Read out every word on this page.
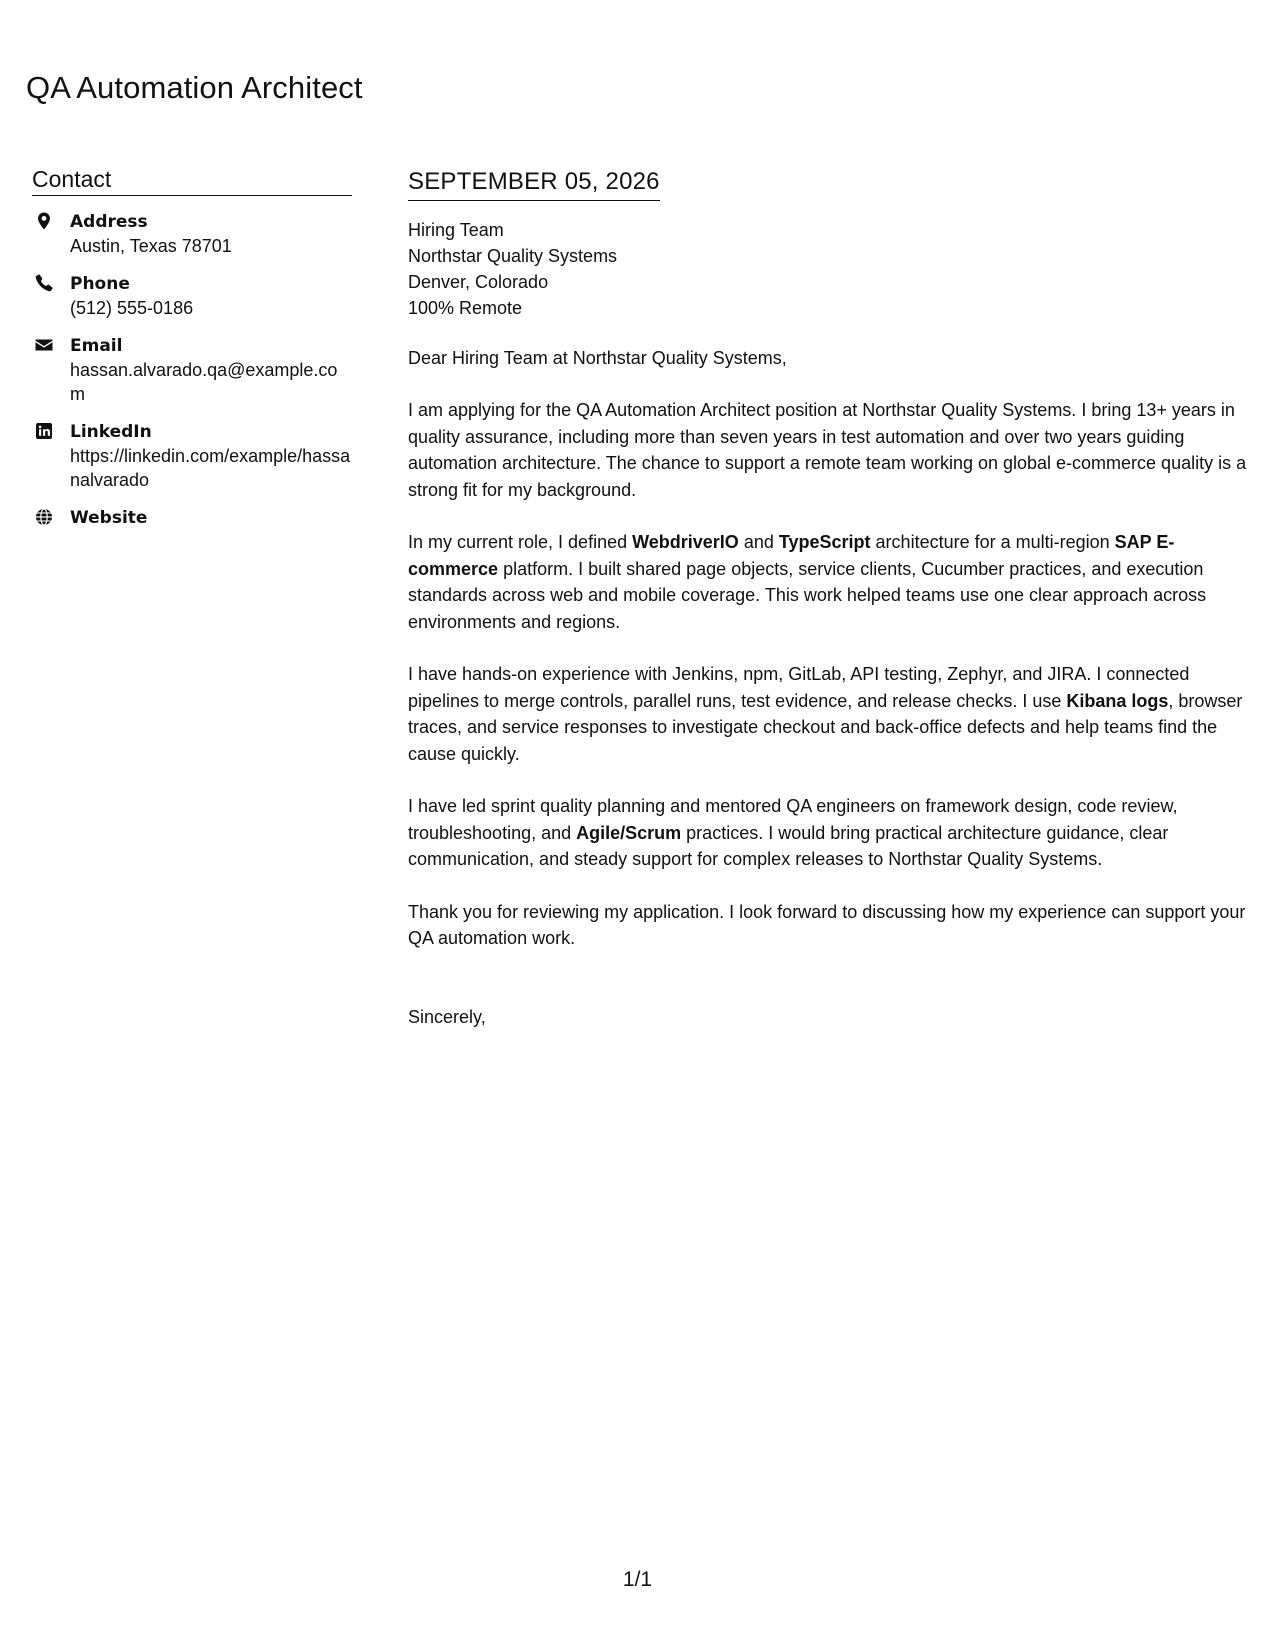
QA Automation Architect
Contact
Address
Austin, Texas 78701
Phone
(512) 555-0186
Email
hassan.alvarado.qa@example.com
LinkedIn
https://linkedin.com/example/hassanalvarado
Website
SEPTEMBER 05, 2026
Hiring Team
Northstar Quality Systems
Denver, Colorado
100% Remote
Dear Hiring Team at Northstar Quality Systems,

I am applying for the QA Automation Architect position at Northstar Quality Systems. I bring 13+ years in quality assurance, including more than seven years in test automation and over two years guiding automation architecture. The chance to support a remote team working on global e-commerce quality is a strong fit for my background.

In my current role, I defined WebdriverIO and TypeScript architecture for a multi-region SAP E-commerce platform. I built shared page objects, service clients, Cucumber practices, and execution standards across web and mobile coverage. This work helped teams use one clear approach across environments and regions.

I have hands-on experience with Jenkins, npm, GitLab, API testing, Zephyr, and JIRA. I connected pipelines to merge controls, parallel runs, test evidence, and release checks. I use Kibana logs, browser traces, and service responses to investigate checkout and back-office defects and help teams find the cause quickly.

I have led sprint quality planning and mentored QA engineers on framework design, code review, troubleshooting, and Agile/Scrum practices. I would bring practical architecture guidance, clear communication, and steady support for complex releases to Northstar Quality Systems.

Thank you for reviewing my application. I look forward to discussing how my experience can support your QA automation work.

Sincerely,
1/1
